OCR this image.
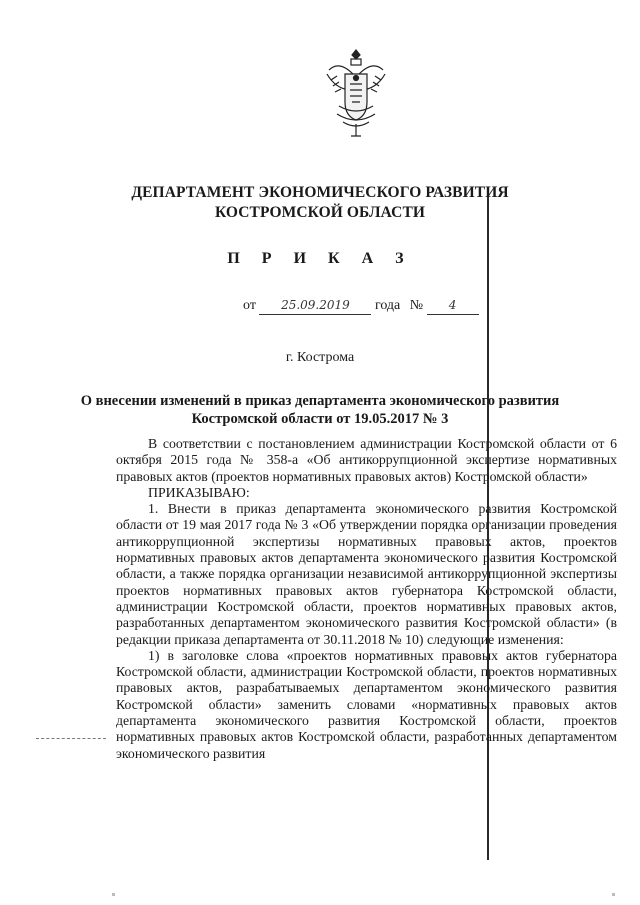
ДЕПАРТАМЕНТ ЭКОНОМИЧЕСКОГО РАЗВИТИЯ
КОСТРОМСКОЙ ОБЛАСТИ
П Р И К А З
от 25.09.2019 года № 4
г. Кострома
О внесении изменений в приказ департамента экономического развития
Костромской области от 19.05.2017 № 3

В соответствии с постановлением администрации Костромской области от 6 октября 2015 года № 358-а «Об антикоррупционной экспертизе нормативных правовых актов (проектов нормативных правовых актов) Костромской области»

ПРИКАЗЫВАЮ:

1. Внести в приказ департамента экономического развития Костромской области от 19 мая 2017 года № 3 «Об утверждении порядка организации проведения антикоррупционной экспертизы нормативных правовых актов, проектов нормативных правовых актов департамента экономического развития Костромской области, а также порядка организации независимой антикоррупционной экспертизы проектов нормативных правовых актов губернатора Костромской области, администрации Костромской области, проектов нормативных правовых актов, разработанных департаментом экономического развития Костромской области» (в редакции приказа департамента от 30.11.2018 № 10) следующие изменения:

1) в заголовке слова «проектов нормативных правовых актов губернатора Костромской области, администрации Костромской области, проектов нормативных правовых актов, разрабатываемых департаментом экономического развития Костромской области» заменить словами «нормативных правовых актов департамента экономического развития Костромской области, проектов нормативных правовых актов Костромской области, разработанных департаментом экономического развития
